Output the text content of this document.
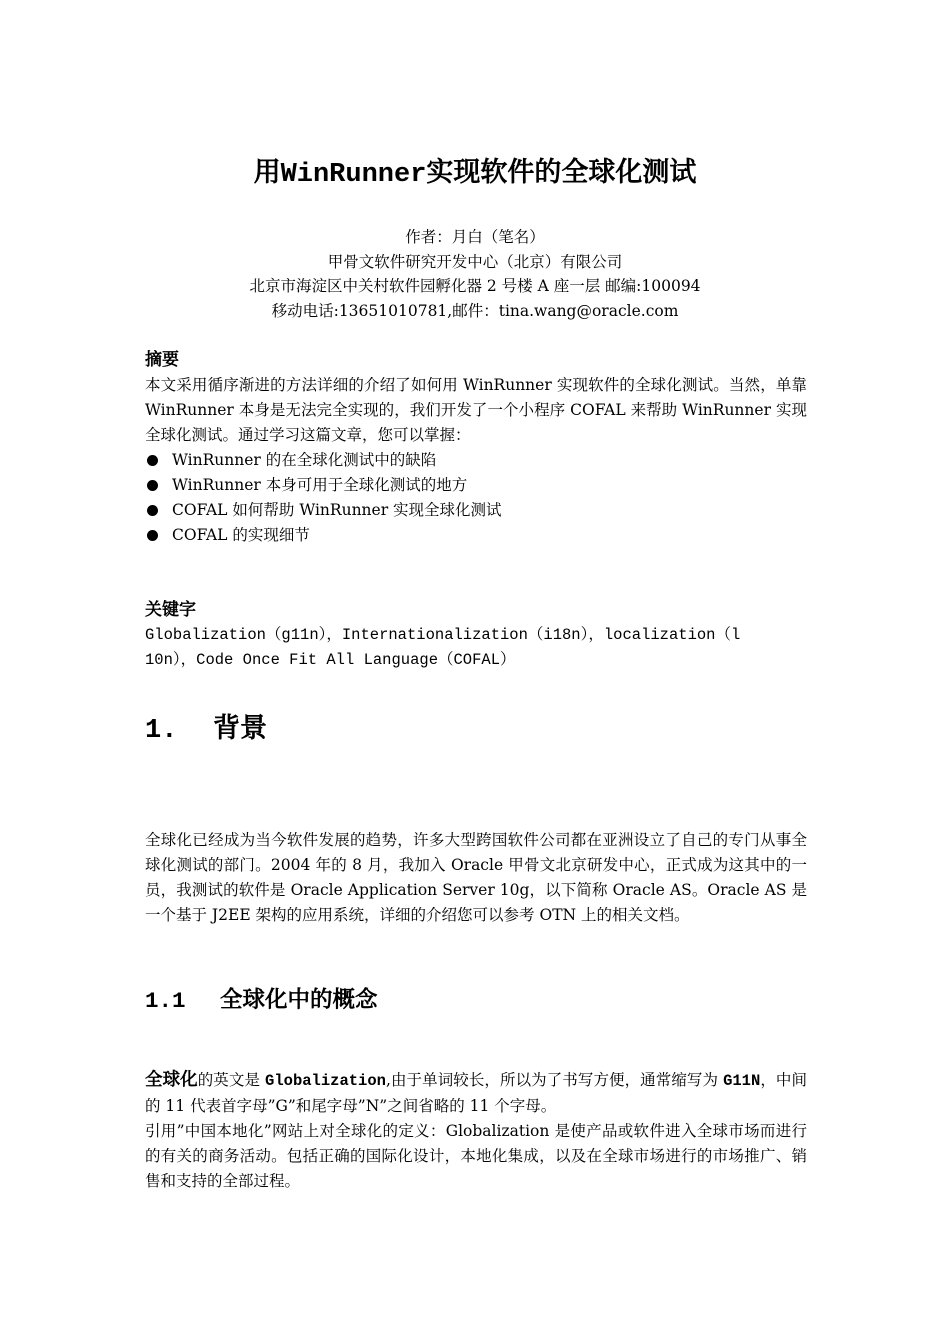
用WinRunner实现软件的全球化测试
作者：月白（笔名）
甲骨文软件研究开发中心（北京）有限公司
北京市海淀区中关村软件园孵化器 2 号楼 A 座一层 邮编:100094
移动电话:13651010781,邮件：tina.wang@oracle.com
摘要
本文采用循序渐进的方法详细的介绍了如何用 WinRunner 实现软件的全球化测试。当然，单靠 WinRunner 本身是无法完全实现的，我们开发了一个小程序 COFAL 来帮助 WinRunner 实现全球化测试。通过学习这篇文章，您可以掌握：
WinRunner 的在全球化测试中的缺陷
WinRunner 本身可用于全球化测试的地方
COFAL 如何帮助 WinRunner 实现全球化测试
COFAL 的实现细节
关键字
Globalization（g11n），Internationalization（i18n），localization（l
10n），Code Once Fit All Language（COFAL）
1. 背景
全球化已经成为当今软件发展的趋势，许多大型跨国软件公司都在亚洲设立了自己的专门从事全球化测试的部门。2004 年的 8 月，我加入 Oracle 甲骨文北京研发中心，正式成为这其中的一员，我测试的软件是 Oracle Application Server 10g，以下简称 Oracle AS。Oracle AS 是一个基于 J2EE 架构的应用系统，详细的介绍您可以参考 OTN 上的相关文档。
1.1 全球化中的概念
全球化的英文是 Globalization,由于单词较长，所以为了书写方便，通常缩写为 G11N，中间的 11 代表首字母”G”和尾字母”N”之间省略的 11 个字母。
引用”中国本地化”网站上对全球化的定义：Globalization 是使产品或软件进入全球市场而进行的有关的商务活动。包括正确的国际化设计，本地化集成，以及在全球市场进行的市场推广、销售和支持的全部过程。
